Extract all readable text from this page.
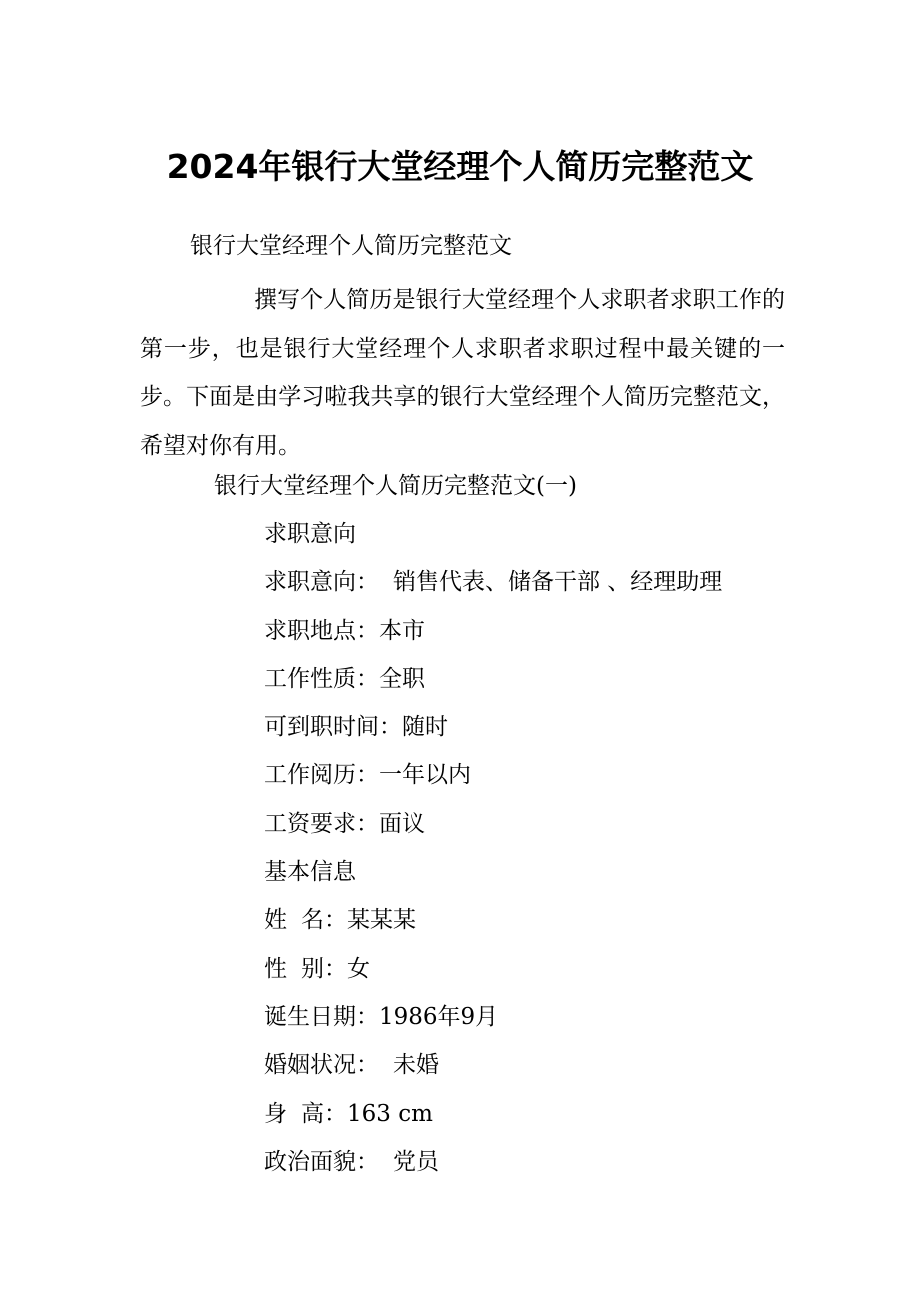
2024年银行大堂经理个人简历完整范文
银行大堂经理个人简历完整范文
撰写个人简历是银行大堂经理个人求职者求职工作的第一步，也是银行大堂经理个人求职者求职过程中最关键的一步。下面是由学习啦我共享的银行大堂经理个人简历完整范文，希望对你有用。
银行大堂经理个人简历完整范文(一)
求职意向
求职意向： 销售代表、储备干部 、经理助理
求职地点：本市
工作性质：全职
可到职时间：随时
工作阅历：一年以内
工资要求：面议
基本信息
姓 名：某某某
性 别：女
诞生日期：1986年9月
婚姻状况： 未婚
身 高：163 cm
政治面貌： 党员
